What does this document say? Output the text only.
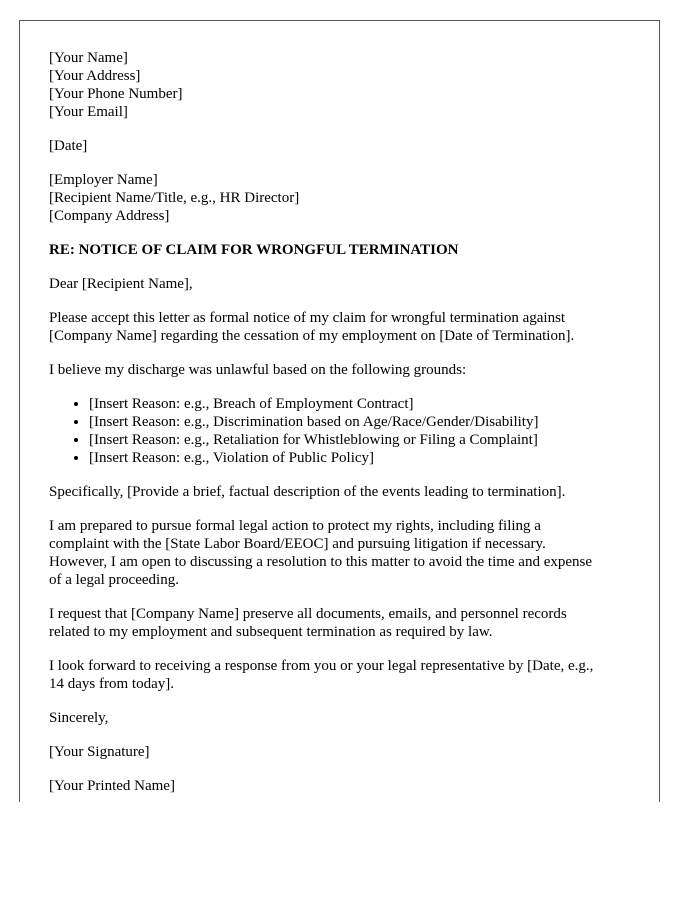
[Your Name]
[Your Address]
[Your Phone Number]
[Your Email]
[Date]
[Employer Name]
[Recipient Name/Title, e.g., HR Director]
[Company Address]
RE: NOTICE OF CLAIM FOR WRONGFUL TERMINATION

Dear [Recipient Name],

Please accept this letter as formal notice of my claim for wrongful termination against
[Company Name] regarding the cessation of my employment on [Date of Termination].

I believe my discharge was unlawful based on the following grounds:

• [Insert Reason: e.g., Breach of Employment Contract]
• [Insert Reason: e.g., Discrimination based on Age/Race/Gender/Disability]
• [Insert Reason: e.g., Retaliation for Whistleblowing or Filing a Complaint]
• [Insert Reason: e.g., Violation of Public Policy]

Specifically, [Provide a brief, factual description of the events leading to termination].

I am prepared to pursue formal legal action to protect my rights, including filing a
complaint with the [State Labor Board/EEOC] and pursuing litigation if necessary.
However, I am open to discussing a resolution to this matter to avoid the time and expense
of a legal proceeding.

I request that [Company Name] preserve all documents, emails, and personnel records
related to my employment and subsequent termination as required by law.

I look forward to receiving a response from you or your legal representative by [Date, e.g.,
14 days from today].

Sincerely,

[Your Signature]

[Your Printed Name]
